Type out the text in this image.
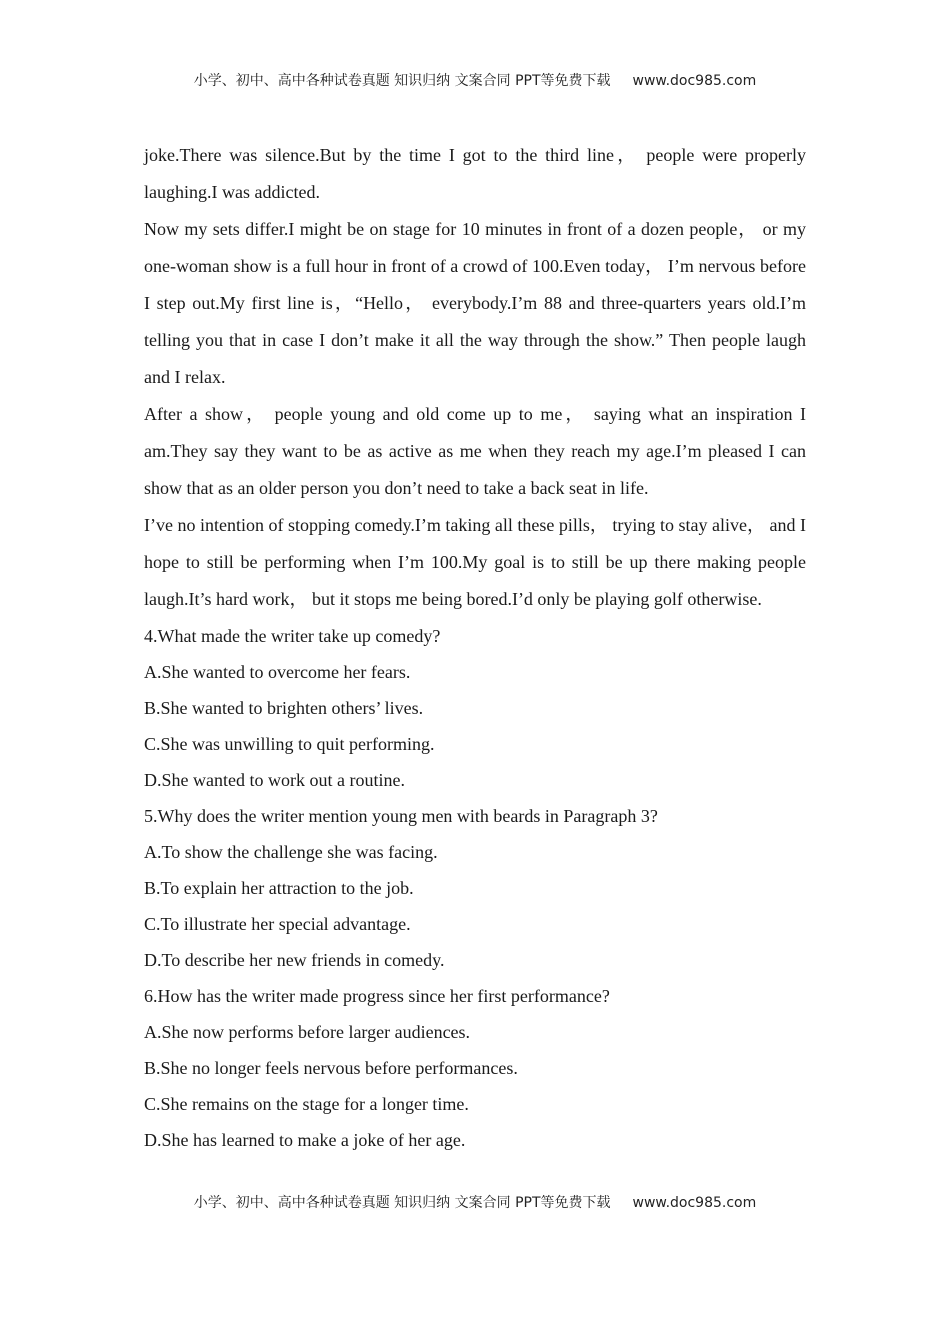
小学、初中、高中各种试卷真题 知识归纳 文案合同 PPT等免费下载 www.doc985.com

joke.There was silence.But by the time I got to the third line， people were properly laughing.I was addicted.

Now my sets differ.I might be on stage for 10 minutes in front of a dozen people， or my one-woman show is a full hour in front of a crowd of 100.Even today， I’m nervous before I step out.My first line is，“Hello， everybody.I’m 88 and three-quarters years old.I’m telling you that in case I don’t make it all the way through the show.” Then people laugh and I relax.

After a show， people young and old come up to me， saying what an inspiration I am.They say they want to be as active as me when they reach my age.I’m pleased I can show that as an older person you don’t need to take a back seat in life.

I’ve no intention of stopping comedy.I’m taking all these pills， trying to stay alive， and I hope to still be performing when I’m 100.My goal is to still be up there making people laugh.It’s hard work， but it stops me being bored.I’d only be playing golf otherwise.

4.What made the writer take up comedy?

A.She wanted to overcome her fears.

B.She wanted to brighten others’ lives.

C.She was unwilling to quit performing.

D.She wanted to work out a routine.

5.Why does the writer mention young men with beards in Paragraph 3?

A.To show the challenge she was facing.

B.To explain her attraction to the job.

C.To illustrate her special advantage.

D.To describe her new friends in comedy.

6.How has the writer made progress since her first performance?

A.She now performs before larger audiences.

B.She no longer feels nervous before performances.

C.She remains on the stage for a longer time.

D.She has learned to make a joke of her age.

小学、初中、高中各种试卷真题 知识归纳 文案合同 PPT等免费下载 www.doc985.com
